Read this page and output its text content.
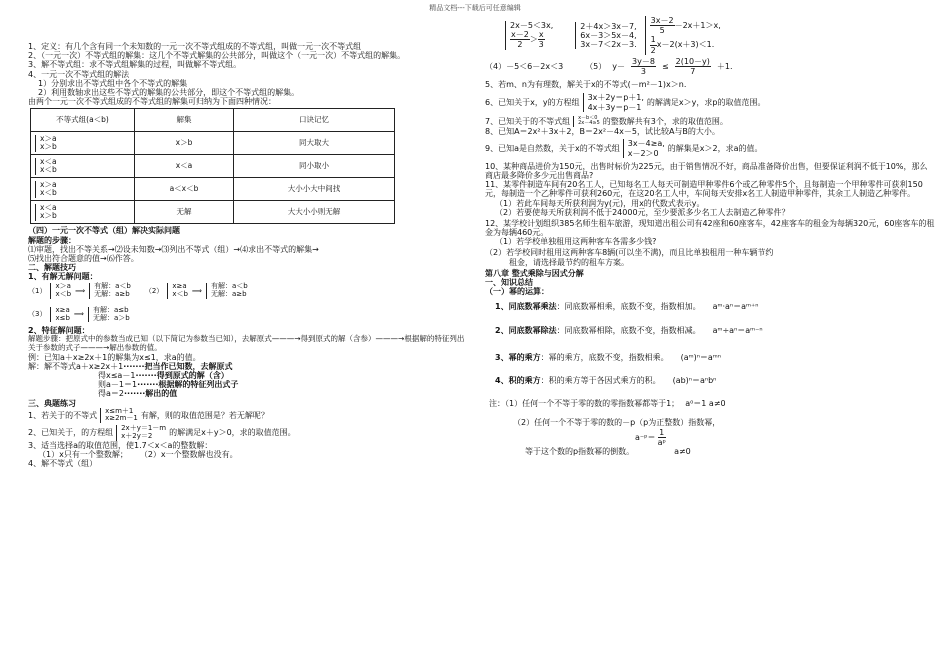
精品文档---下载后可任意编辑
1、定义：有几个含有同一个未知数的一元一次不等式组成的不等式组，叫做一元一次不等式组
2、（一元一次）不等式组的解集：这几个不等式解集的公共部分，叫做这个（一元一次）不等式组的解集。
3、解不等式组：求不等式组解集的过程，叫做解不等式组。
4、一元一次不等式组的解法
1）分别求出不等式组中各个不等式的解集
2）利用数轴求出这些不等式的解集的公共部分，即这个不等式组的解集。
由两个一元一次不等式组成的不等式组的解集可归纳为下面四种情况：
不等式组(a＜b)	解集	口诀记忆

x＞a
x＞b	x＞b	同大取大

x＜a
x＜b	x＜a	同小取小

x＞a
x＜b	a＜x＜b	大小小大中间找

x＜a
x＞b	无解	大大小小则无解
（四）一元一次不等式（组）解决实际问题
解题的步骤：
⑴审题，找出不等关系→⑵设未知数→⑶列出不等式（组）→⑷求出不等式的解集→
⑸找出符合题意的值→⑹作答。
二、解题技巧
1、有解无解问题：
（1）
x＞a
x＜b ⟹
有解：a＜b
无解：a≥b （2）
x≥a
x＜b ⟹
有解：a＜b
无解：a≥b
（3）
x≥a
x≤b ⟹
有解：a≤b
无解：a＞b
2、特征解问题：
解题步骤：把原式中的参数当成已知（以下简记为参数当已知），去解原式———→得到原式的解（含参）———→根据解的特征列出关于参数的式子———→解出参数的值。
例：已知a＋x≥2x＋1的解集为x≤1，求a的值。
解：解不等式a＋x≥2x＋1·······把当作已知数，去解原式
得x≤a－1·······得到原式的解（含）
则a－1＝1·······根据解的特征列出式子
得a＝2·······解出的值
三、典题练习
1、若关于的不等式
x≤m＋1
x≥2m－1 有解，则的取值范围是？若无解呢？
2、已知关于，的方程组
2x＋y＝1－m
x＋2y＝2	的解满足x＋y＞0，求的取值范围。
3、适当选择a的取值范围，使1.7＜x＜a的整数解：
（1）x只有一个整数解； （2）x一个整数解也没有。
4、解不等式（组）
2x－5＜3x,
$\frac{x-2}{2} > \frac{x}{3}$
2＋4x＞3x－7,
6x－3＞5x－4,
3x－7＜2x－3.
$\frac{3x-2}{5} -2x+1>x$,
$\frac{1}{2} x-2(x+3)<1$.
（4）－5＜6－2x＜3	（5） $y- \frac{3y-8}{3} \le \frac{2(10-y)}{7} +1$.
5、若m、n为有理数，解关于x的不等式(－m²－1)x＞n.
6、已知关于x，y的方程组
3x＋2y＝p＋1,
4x＋3y＝p－1
的解满足x＞y，求p的取值范围。
7、已知关于的不等式组 x－b＜0
2x－4≥5 的整数解共有3个，求的取值范围。
8、已知A＝2x²＋3x＋2，B＝2x²－4x－5，试比较A与B的大小。
9、已知a是自然数，关于x的不等式组
3x－4≥a,
x－2＞0
的解集是x＞2，求a的值。
10、某种商品进价为150元，出售时标价为225元，由于销售情况不好，商品准备降价出售，但要保证利润不低于10%，那么商店最多降价多少元出售商品?
11、某零件制造车间有20名工人，已知每名工人每天可制造甲种零件6个或乙种零件5个，且每制造一个甲种零件可获利150元，每制造一个乙种零件可获利260元，在这20名工人中，车间每天安排x名工人制造甲种零件，其余工人制造乙种零件。
（1）若此车间每天所获利润为y(元)，用x的代数式表示y。
（2）若要使每天所获利润不低于24000元，至少要派多少名工人去制造乙种零件？
12、某学校计划组织385名师生租车旅游，现知道出租公司有42座和60座客车，42座客车的租金为每辆320元，60座客车的租金为每辆460元。
（1）若学校单独租用这两种客车各需多少钱?
（2）若学校同时租用这两种客车8辆(可以坐不满)，而且比单独租用一种车辆节约
租金，请选择最节约的租车方案。
第八章 整式乘除与因式分解
一、知识总结
（一）幂的运算：
1、同底数幂乘法：同底数幂相乘，底数不变，指数相加。 aᵐ·aⁿ＝aᵐ⁺ⁿ
2、同底数幂除法：同底数幂相除，底数不变，指数相减。 aᵐ÷aⁿ＝aᵐ⁻ⁿ
3、幂的乘方：幂的乘方，底数不变，指数相乘。 (aᵐ)ⁿ＝aᵐⁿ
4、积的乘方：积的乘方等于各因式乘方的积。 (ab)ⁿ＝aⁿbⁿ
注：（1）任何一个不等于零的数的零指数幂都等于1； a⁰＝1 a≠0
（2）任何一个不等于零的数的－p（p为正整数）指数幂，
a⁻ᵖ＝ $\frac{1}{\text{aᵖ}}$
等于这个数的p指数幂的倒数。	a≠0
